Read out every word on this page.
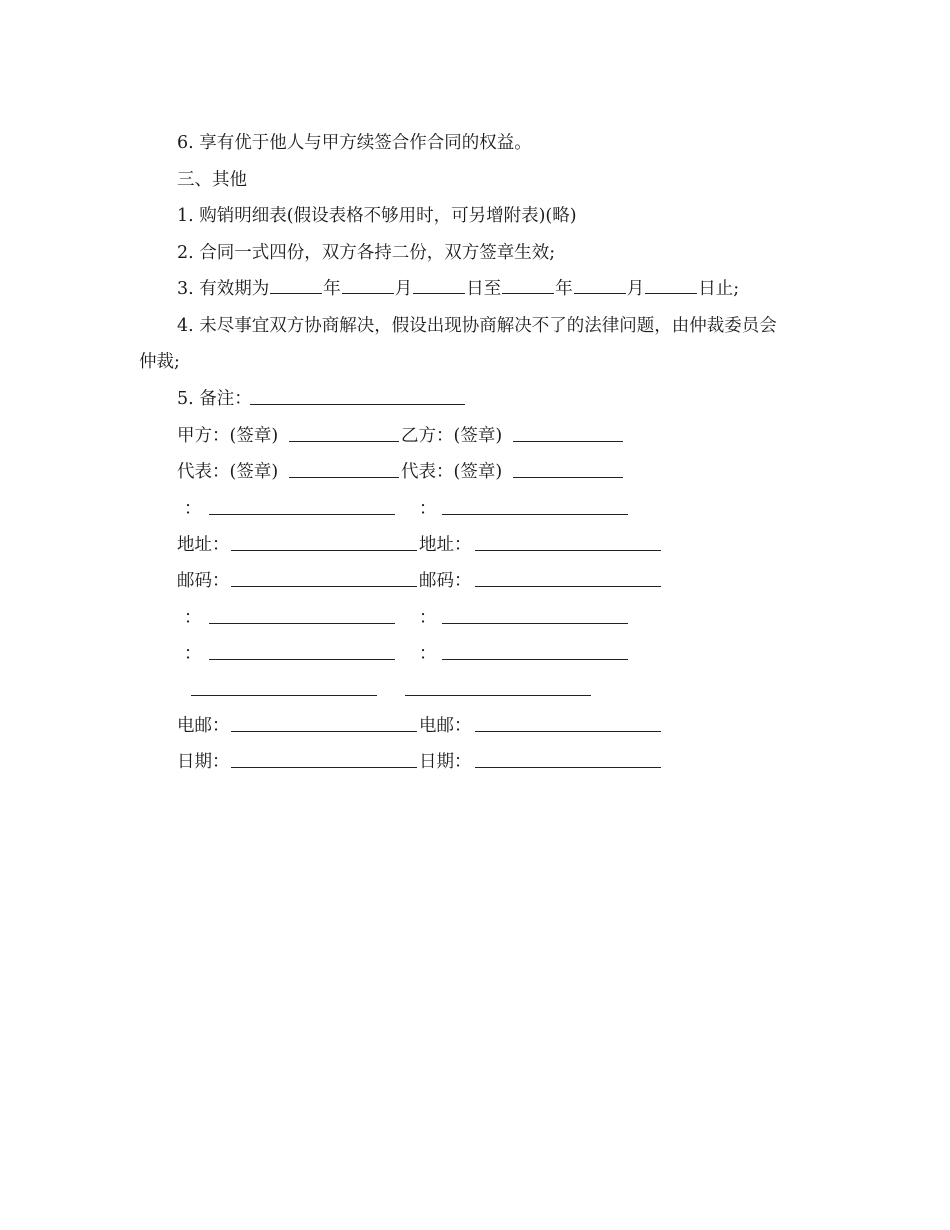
6. 享有优于他人与甲方续签合作合同的权益。
三、其他
1. 购销明细表(假设表格不够用时，可另增附表)(略)
2. 合同一式四份，双方各持二份，双方签章生效;
3. 有效期为	年	月	日至	年	月	日止;
4. 未尽事宜双方协商解决，假设出现协商解决不了的法律问题，由仲裁委员会
仲裁;
5. 备注：
甲方：(签章)	乙方：(签章)
代表：(签章)	代表：(签章)
：	：
地址：	地址：
邮码：	邮码：
：	：
：	：
电邮：	电邮：
日期：	日期：
